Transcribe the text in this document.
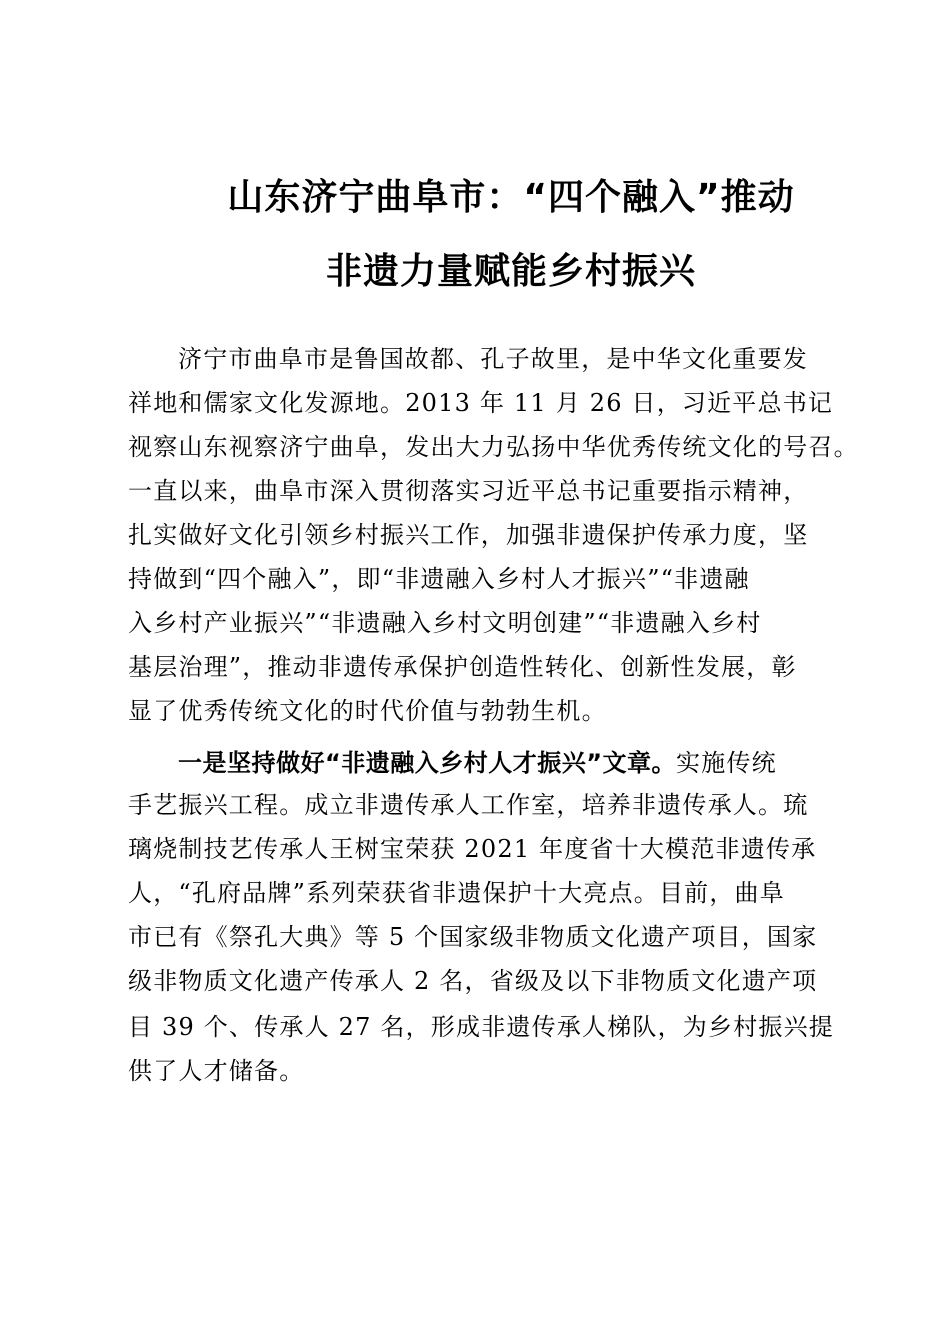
山东济宁曲阜市：“四个融入”推动
非遗力量赋能乡村振兴
济宁市曲阜市是鲁国故都、孔子故里，是中华文化重要发
祥地和儒家文化发源地。2013 年 11 月 26 日，习近平总书记
视察山东视察济宁曲阜，发出大力弘扬中华优秀传统文化的号召。
一直以来，曲阜市深入贯彻落实习近平总书记重要指示精神，
扎实做好文化引领乡村振兴工作，加强非遗保护传承力度，坚
持做到“四个融入”，即“非遗融入乡村人才振兴”“非遗融
入乡村产业振兴”“非遗融入乡村文明创建”“非遗融入乡村
基层治理”，推动非遗传承保护创造性转化、创新性发展，彰
显了优秀传统文化的时代价值与勃勃生机。
一是坚持做好“非遗融入乡村人才振兴”文章。实施传统
手艺振兴工程。成立非遗传承人工作室，培养非遗传承人。琉
璃烧制技艺传承人王树宝荣获 2021 年度省十大模范非遗传承
人，“孔府品牌”系列荣获省非遗保护十大亮点。目前，曲阜
市已有《祭孔大典》等 5 个国家级非物质文化遗产项目，国家
级非物质文化遗产传承人 2 名，省级及以下非物质文化遗产项
目 39 个、传承人 27 名，形成非遗传承人梯队，为乡村振兴提
供了人才储备。
